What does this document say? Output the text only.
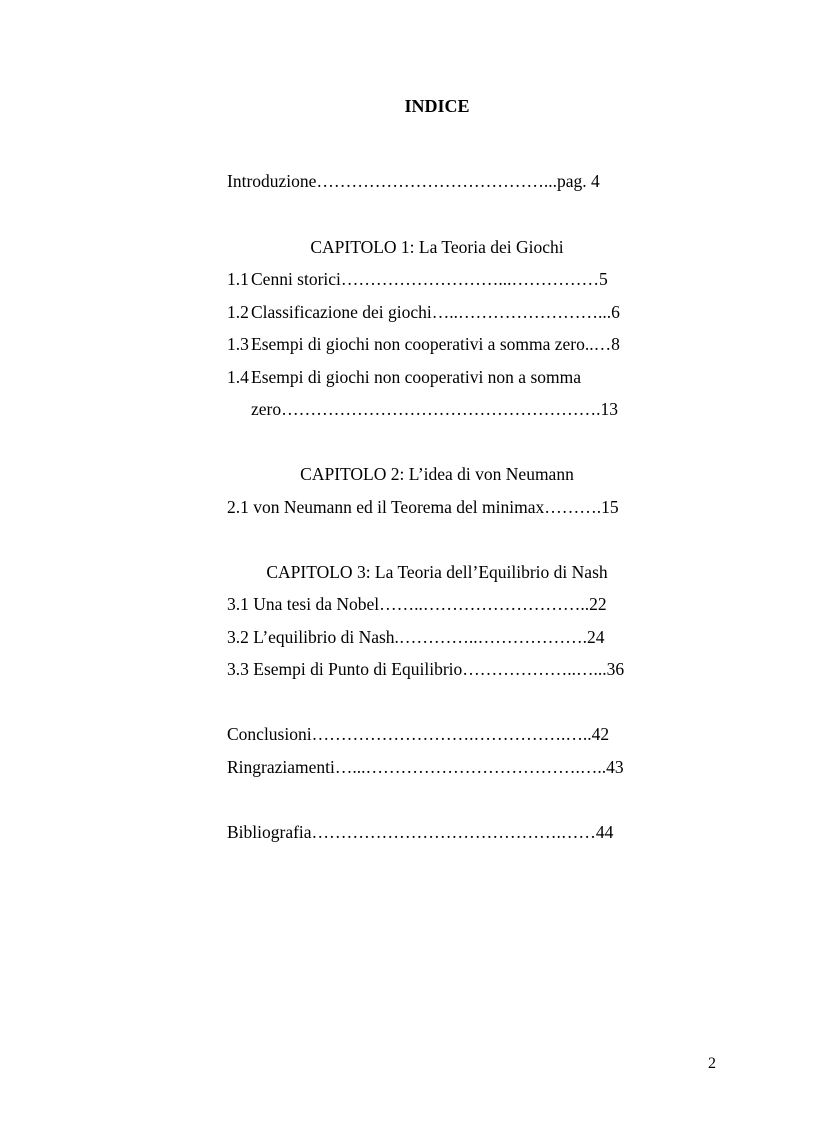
INDICE
Introduzione…………………………………...pag. 4
CAPITOLO 1: La Teoria dei Giochi
1.1 Cenni storici………………………...……………5
1.2 Classificazione dei giochi…..……………………...6
1.3 Esempi di giochi non cooperativi a somma zero..…8
1.4 Esempi di giochi non cooperativi non a somma
zero……………………………………………….13
CAPITOLO 2: L’idea di von Neumann
2.1 von Neumann ed il Teorema del minimax……….15
CAPITOLO 3: La Teoria dell’Equilibrio di Nash
3.1 Una tesi da Nobel……..………………………..22
3.2 L’equilibrio di Nash.…………..……………….24
3.3 Esempi di Punto di Equilibrio………………..…...36
Conclusioni……………………….…………….…..42
Ringraziamenti…...……………………………….…..43
Bibliografia…………………………………….……44
2
